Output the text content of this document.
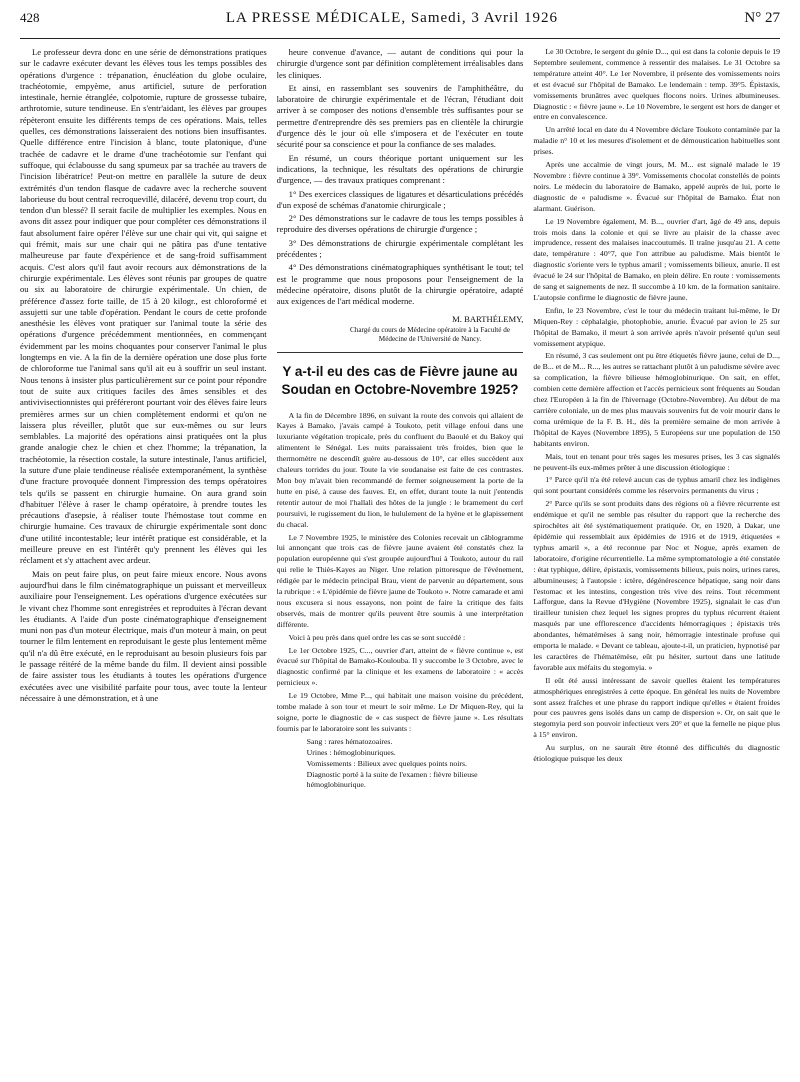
428	LA PRESSE MÉDICALE, Samedi, 3 Avril 1926	N° 27

Le professeur devra donc en une série de démonstrations pratiques sur le cadavre exécuter devant les élèves tous les temps possibles des opérations d'urgence : trépanation, énucléation du globe oculaire, trachéotomie, empyème, anus artificiel, suture de perforation intestinale, hernie étranglée, colpotomie, rupture de grossesse tubaire, arthrotomie, suture tendineuse. En s'entr'aidant, les élèves par groupes répèteront ensuite les différents temps de ces opérations. Mais, telles quelles, ces démonstrations laisseraient des notions bien insuffisantes. Quelle différence entre l'incision à blanc, toute platonique, d'une trachée de cadavre et le drame d'une trachéotomie sur l'enfant qui suffoque, qui éclabousse du sang spumeux par sa trachée au travers de l'incision libératrice! Peut-on mettre en parallèle la suture de deux extrémités d'un tendon flasque de cadavre avec la recherche souvent laborieuse du bout central recroquevillé, dilacéré, devenu trop court, du tendon d'un blessé? Il serait facile de multiplier les exemples. Nous en avons dit assez pour indiquer que pour compléter ces démonstrations il faut absolument faire opérer l'élève sur une chair qui vit, qui saigne et qui frémit, mais sur une chair qui ne pâtira pas d'une tentative malheureuse par faute d'expérience et de sang-froid suffisamment acquis. C'est alors qu'il faut avoir recours aux démonstrations de la chirurgie expérimentale. Les élèves sont réunis par groupes de quatre ou six au laboratoire de chirurgie expérimentale. Un chien, de préférence d'assez forte taille, de 15 à 20 kilogr., est chloroformé et assujetti sur une table d'opération. Pendant le cours de cette profonde anesthésie les élèves vont pratiquer sur l'animal toute la série des opérations d'urgence précédemment mentionnées, en commençant évidemment par les moins choquantes pour conserver l'animal le plus longtemps en vie. A la fin de la dernière opération une dose plus forte de chloroforme tue l'animal sans qu'il ait eu à souffrir un seul instant. Nous tenons à insister plus particulièrement sur ce point pour répondre tout de suite aux critiques faciles des âmes sensibles et des antivivisectionnistes qui préféreront pourtant voir des élèves faire leurs premières armes sur un chien complètement endormi et qu'on ne laissera plus réveiller, plutôt que sur eux-mêmes ou sur leurs semblables. La majorité des opérations ainsi pratiquées ont la plus grande analogie chez le chien et chez l'homme; la trépanation, la trachéotomie, la résection costale, la suture intestinale, l'anus artificiel, la suture d'une plaie tendineuse réalisée extemporanément, la synthèse d'une fracture provoquée donnent l'impression des temps opératoires tels qu'ils se passent en chirurgie humaine. On aura grand soin d'habituer l'élève à raser le champ opératoire, à prendre toutes les précautions d'asepsie, à réaliser toute l'hémostase tout comme en chirurgie humaine. Ces travaux de chirurgie expérimentale sont donc d'une utilité incontestable; leur intérêt pratique est considérable, et la meilleure preuve en est l'intérêt qu'y prennent les élèves qui les réclament et s'y attachent avec ardeur.

Mais on peut faire plus, on peut faire mieux encore. Nous avons aujourd'hui dans le film cinématographique un puissant et merveilleux auxiliaire pour l'enseignement. Les opérations d'urgence exécutées sur le vivant chez l'homme sont enregistrées et reproduites à l'écran devant les étudiants. A l'aide d'un poste cinématographique d'enseignement muni non pas d'un moteur électrique, mais d'un moteur à main, on peut tourner le film lentement en reproduisant le geste plus lentement même qu'il n'a dû être exécuté, en le reproduisant au besoin plusieurs fois par le passage réitéré de la même bande du film. Il devient ainsi possible de faire assister tous les étudiants à toutes les opérations d'urgence exécutées avec une visibilité parfaite pour tous, avec toute la lenteur nécessaire à une démonstration, et à une

heure convenue d'avance, — autant de conditions qui pour la chirurgie d'urgence sont par définition complètement irréalisables dans les cliniques.

Et ainsi, en rassemblant ses souvenirs de l'amphithéâtre, du laboratoire de chirurgie expérimentale et de l'écran, l'étudiant doit arriver à se composer des notions d'ensemble très suffisantes pour se permettre d'entreprendre dès ses premiers pas en clientèle la chirurgie d'urgence dès le jour où elle s'imposera et de l'exécuter en toute sécurité pour sa conscience et pour la confiance de ses malades.

En résumé, un cours théorique portant uniquement sur les indications, la technique, les résultats des opérations de chirurgie d'urgence, — des travaux pratiques comprenant :

1° Des exercices classiques de ligatures et désarticulations précédés d'un exposé de schémas d'anatomie chirurgicale ;

2° Des démonstrations sur le cadavre de tous les temps possibles à reproduire des diverses opérations de chirurgie d'urgence ;

3° Des démonstrations de chirurgie expérimentale complétant les précédentes ;

4° Des démonstrations cinématographiques synthétisant le tout; tel est le programme que nous proposons pour l'enseignement de la médecine opératoire, disons plutôt de la chirurgie opératoire, adapté aux exigences de l'art médical moderne.

M. BARTHÉLEMY,
Chargé du cours de Médecine opératoire à la Faculté de Médecine de l'Université de Nancy.
Y a-t-il eu des cas de Fièvre jaune au Soudan en Octobre-Novembre 1925?

A la fin de Décembre 1896, en suivant la route des convois qui allaient de Kayes à Bamako, j'avais campé à Toukoto, petit village enfoui dans une luxuriante végétation tropicale, près du confluent du Baoulé et du Bakoy qui alimentent le Sénégal. Les nuits paraissaient très froides, bien que le thermomètre ne descendît guère au-dessous de 10°, car elles succèdent aux chaleurs torrides du jour. Toute la vie soudanaise est faite de ces contrastes. Mon boy m'avait bien recommandé de fermer soigneusement la porte de la hutte en pisé, à cause des fauves. Et, en effet, durant toute la nuit j'entendis retentir autour de moi l'hallali des hôtes de la jungle : le bramement du cerf poursuivi, le rugissement du lion, le hululement de la hyène et le glapissement du chacal.

Le 7 Novembre 1925, le ministère des Colonies recevait un câblogramme lui annonçant que trois cas de fièvre jaune avaient été constatés chez la population européenne qui s'est groupée aujourd'hui à Toukoto, autour du rail qui relie le Thiès-Kayes au Niger. Une relation pittoresque de l'événement, rédigée par le médecin principal Brau, vient de parvenir au département, sous la rubrique : « L'épidémie de fièvre jaune de Toukoto ». Notre camarade et ami nous excusera si nous essayons, non point de faire la critique des faits observés, mais de montrer qu'ils peuvent être soumis à une interprétation différente.

Voici à peu près dans quel ordre les cas se sont succédé :

Le 1er Octobre 1925, C..., ouvrier d'art, atteint de « fièvre continue », est évacué sur l'hôpital de Bamako-Koulouba. Il y succombe le 3 Octobre, avec le diagnostic confirmé par la clinique et les examens de laboratoire : « accès pernicieux ».

Le 19 Octobre, Mme P..., qui habitait une maison voisine du précédent, tombe malade à son tour et meurt le soir même. Le Dr Miquen-Rey, qui la soigne, porte le diagnostic de « cas suspect de fièvre jaune ». Les résultats fournis par le laboratoire sont les suivants :

Sang : rares hématozoaires.
Urines : hémoglobinuriques.
Vomissements : Bilieux avec quelques points noirs.
Diagnostic porté à la suite de l'examen : fièvre bilieuse hémoglobinurique.

Le 30 Octobre, le sergent du génie D..., qui est dans la colonie depuis le 19 Septembre seulement, commence à ressentir des malaises. Le 31 Octobre sa température atteint 40°. Le 1er Novembre, il présente des vomissements noirs et est évacué sur l'hôpital de Bamako. Le lendemain : temp. 39°5. Épistaxis, vomissements brunâtres avec quelques flocons noirs. Urines albumineuses. Diagnostic : « fièvre jaune ». Le 10 Novembre, le sergent est hors de danger et entre en convalescence.

Un arrêté local en date du 4 Novembre déclare Toukoto contaminée par la maladie n° 10 et les mesures d'isolement et de démoustication habituelles sont prises.

Après une accalmie de vingt jours, M. M... est signalé malade le 19 Novembre : fièvre continue à 39°. Vomissements chocolat constellés de points noirs. Le médecin du laboratoire de Bamako, appelé auprès de lui, porte le diagnostic de « paludisme ». Évacué sur l'hôpital de Bamako. État non alarmant. Guérison.

Le 19 Novembre également, M. B..., ouvrier d'art, âgé de 49 ans, depuis trois mois dans la colonie et qui se livre au plaisir de la chasse avec imprudence, ressent des malaises inaccoutumés. Il traîne jusqu'au 21. A cette date, température : 40°7, que l'on attribue au paludisme. Mais bientôt le diagnostic s'oriente vers le typhus amaril ; vomissements bilieux, anurie. Il est évacué le 24 sur l'hôpital de Bamako, en plein délire. En route : vomissements de sang et saignements de nez. Il succombe à 10 km. de la formation sanitaire. L'autopsie confirme le diagnostic de fièvre jaune.

Enfin, le 23 Novembre, c'est le tour du médecin traitant lui-même, le Dr Miquen-Rey : céphalalgie, photophobie, anurie. Évacué par avion le 25 sur l'hôpital de Bamako, il meurt à son arrivée après n'avoir présenté qu'un seul vomissement atypique.

En résumé, 3 cas seulement ont pu être étiquetés fièvre jaune, celui de D..., de B... et de M... R..., les autres se rattachant plutôt à un paludisme sévère avec sa complication, la fièvre bilieuse hémoglobinurique. On sait, en effet, combien cette dernière affection et l'accès pernicieux sont fréquents au Soudan chez l'Européen à la fin de l'hivernage (Octobre-Novembre). Au début de ma carrière coloniale, un de mes plus mauvais souvenirs fut de voir mourir dans le coma urémique de la F. B. H., dès la première semaine de mon arrivée à l'hôpital de Kayes (Novembre 1895), 5 Européens sur une population de 150 habitants environ.

Mais, tout en tenant pour très sages les mesures prises, les 3 cas signalés ne peuvent-ils eux-mêmes prêter à une discussion étiologique :

1° Parce qu'il n'a été relevé aucun cas de typhus amaril chez les indigènes qui sont pourtant considérés comme les réservoirs permanents du virus ;

2° Parce qu'ils se sont produits dans des régions où a fièvre récurrente est endémique et qu'il ne semble pas résulter du rapport que la recherche des spirochètes ait été systématiquement pratiquée. Or, en 1920, à Dakar, une épidémie qui ressemblait aux épidémies de 1916 et de 1919, étiquetées « typhus amaril », a été reconnue par Noc et Nogue, après examen de laboratoire, d'origine récurrentielle. La même symptomatologie a été constatée : état typhique, délire, épistaxis, vomissements bilieux, puis noirs, urines rares, albumineuses; à l'autopsie : ictère, dégénérescence hépatique, sang noir dans l'estomac et les intestins, congestion très vive des reins. Tout récemment Lafforgue, dans la Revue d'Hygiène (Novembre 1925), signalait le cas d'un tirailleur tunisien chez lequel les signes propres du typhus récurrent étaient masqués par une efflorescence d'accidents hémorragiques ; épistaxis très abondantes, hématémèses à sang noir, hémorragie intestinale profuse qui emporta le malade. « Devant ce tableau, ajoute-t-il, un praticien, hypnotisé par les caractères de l'hématémèse, eût pu hésiter, surtout dans une latitude favorable aux méfaits du stegomyia. »

Il eût été aussi intéressant de savoir quelles étaient les températures atmosphériques enregistrées à cette époque. En général les nuits de Novembre sont assez fraîches et une phrase du rapport indique qu'elles « étaient froides pour ces pauvres gens isolés dans un camp de dispersion ». Or, on sait que le stegomyia perd son pouvoir infectieux vers 20° et que la femelle ne pique plus à 15° environ.

Au surplus, on ne saurait être étonné des difficultés du diagnostic étiologique puisque les deux
